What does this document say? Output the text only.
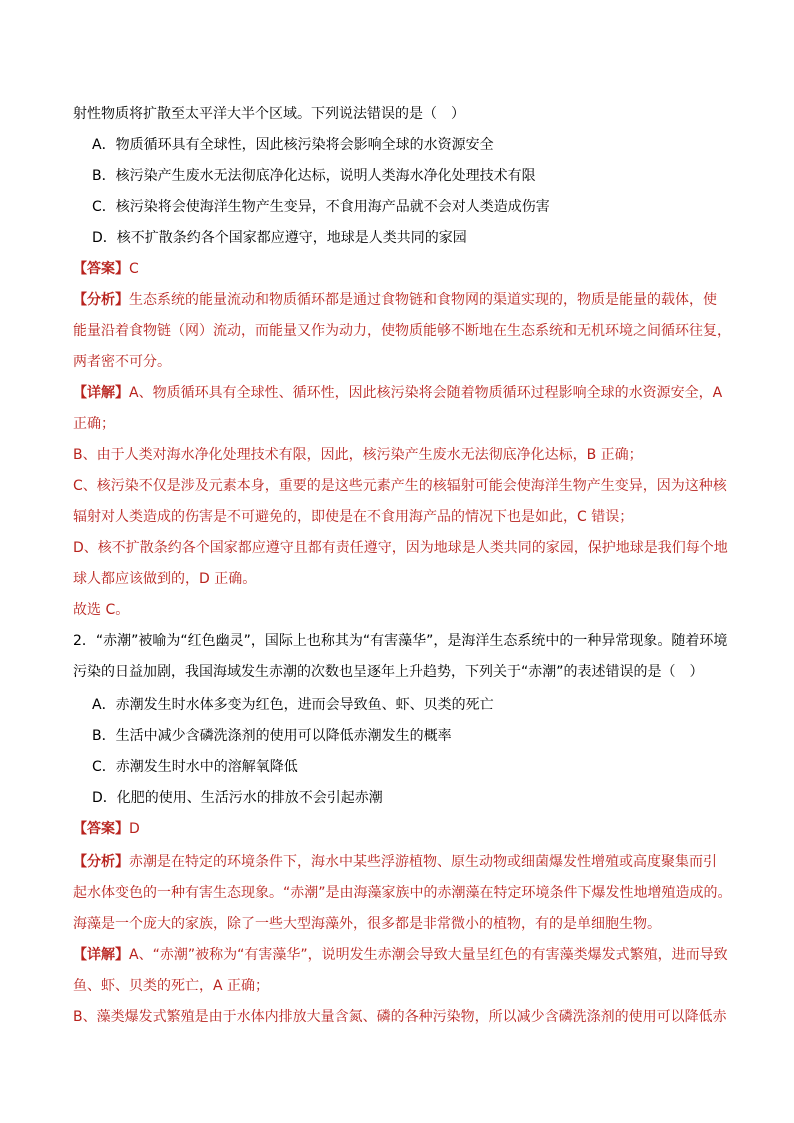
射性物质将扩散至太平洋大半个区域。下列说法错误的是（　）
A．物质循环具有全球性，因此核污染将会影响全球的水资源安全
B．核污染产生废水无法彻底净化达标，说明人类海水净化处理技术有限
C．核污染将会使海洋生物产生变异，不食用海产品就不会对人类造成伤害
D．核不扩散条约各个国家都应遵守，地球是人类共同的家园
【答案】C
【分析】生态系统的能量流动和物质循环都是通过食物链和食物网的渠道实现的，物质是能量的载体，使
能量沿着食物链（网）流动，而能量又作为动力，使物质能够不断地在生态系统和无机环境之间循环往复，
两者密不可分。
【详解】A、物质循环具有全球性、循环性，因此核污染将会随着物质循环过程影响全球的水资源安全，A
正确；
B、由于人类对海水净化处理技术有限，因此，核污染产生废水无法彻底净化达标，B 正确；
C、核污染不仅是涉及元素本身，重要的是这些元素产生的核辐射可能会使海洋生物产生变异，因为这种核
辐射对人类造成的伤害是不可避免的，即使是在不食用海产品的情况下也是如此，C 错误；
D、核不扩散条约各个国家都应遵守且都有责任遵守，因为地球是人类共同的家园，保护地球是我们每个地
球人都应该做到的，D 正确。
故选 C。
2．“赤潮”被喻为“红色幽灵”，国际上也称其为“有害藻华”，是海洋生态系统中的一种异常现象。随着环境
污染的日益加剧，我国海域发生赤潮的次数也呈逐年上升趋势，下列关于“赤潮”的表述错误的是（　）
A．赤潮发生时水体多变为红色，进而会导致鱼、虾、贝类的死亡
B．生活中减少含磷洗涤剂的使用可以降低赤潮发生的概率
C．赤潮发生时水中的溶解氧降低
D．化肥的使用、生活污水的排放不会引起赤潮
【答案】D
【分析】赤潮是在特定的环境条件下，海水中某些浮游植物、原生动物或细菌爆发性增殖或高度聚集而引
起水体变色的一种有害生态现象。“赤潮”是由海藻家族中的赤潮藻在特定环境条件下爆发性地增殖造成的。
海藻是一个庞大的家族，除了一些大型海藻外，很多都是非常微小的植物，有的是单细胞生物。
【详解】A、“赤潮”被称为“有害藻华”，说明发生赤潮会导致大量呈红色的有害藻类爆发式繁殖，进而导致
鱼、虾、贝类的死亡，A 正确；
B、藻类爆发式繁殖是由于水体内排放大量含氮、磷的各种污染物，所以减少含磷洗涤剂的使用可以降低赤
